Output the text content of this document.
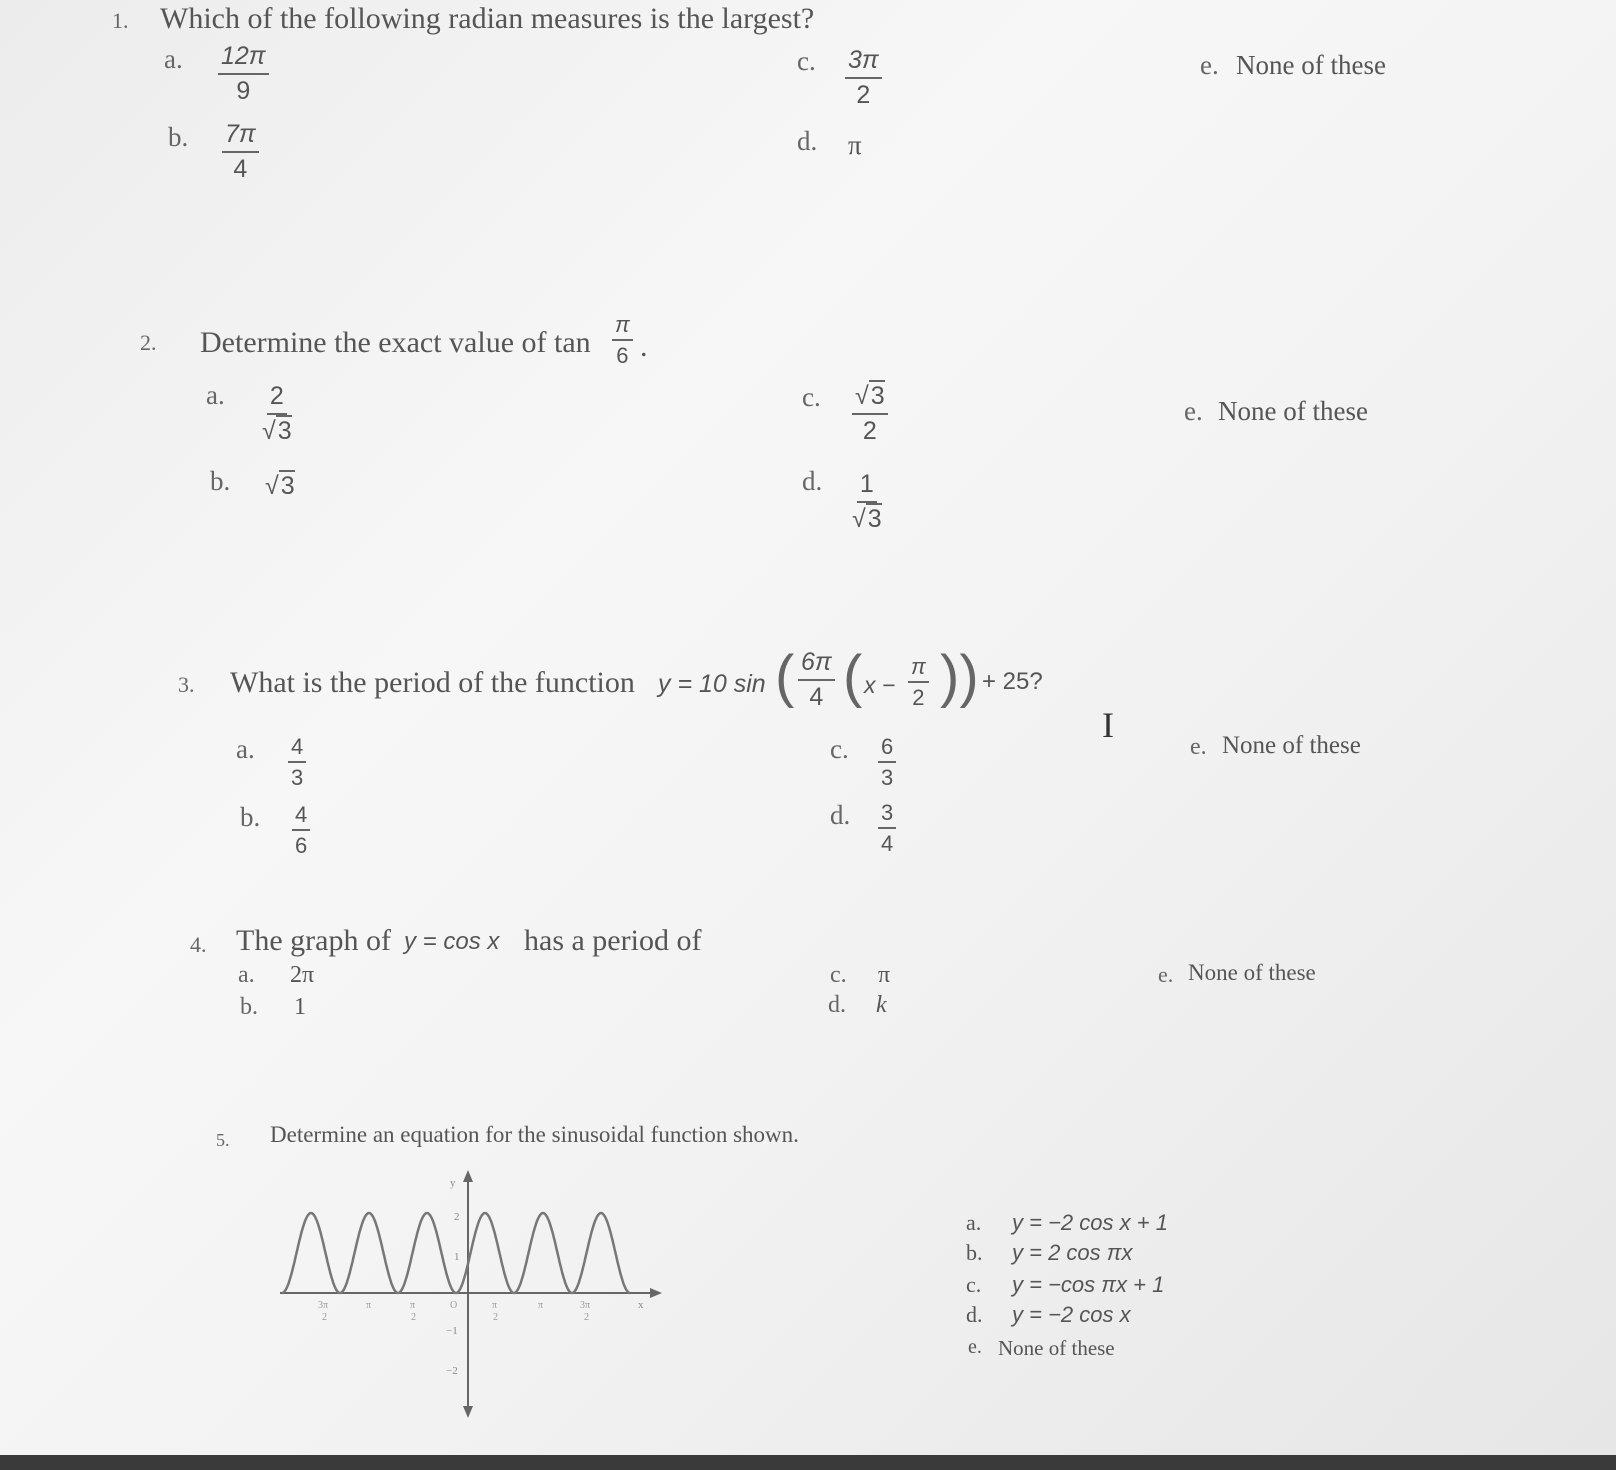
1. Which of the following radian measures is the largest?
a. $\frac{12\pi}{9}$
b. $\frac{7\pi}{4}$
c. $\frac{3\pi}{2}$
d. π
e. None of these
2. Determine the exact value of $\tan \frac{\pi}{6}$ .
a. $\frac{2}{√3}$
b. √3
c. $\frac{√3}{2}$
d. $\frac{1}{√3}$
e. None of these
3. What is the period of the function y = 10 sin ( $\frac{6\pi}{4}$ ( $x - \frac{\pi}{2}$ )) + 25?
a. $\frac{4}{3}$
b. $\frac{4}{6}$
c. $\frac{6}{3}$
d. $\frac{3}{4}$
I
e. None of these
4. The graph of y = cos x has a period of
a. 2π
b. 1
c. π
d. k
e. None of these
5. Determine an equation for the sinusoidal function shown.
y
x
2
1
−1
−2
3π
2
π	π
2
O	π
2
π	3π
2
a. y = −2 cos x + 1
b. y = 2 cos πx
c. y = −cos πx + 1
d. y = −2 cos x
e. None of these
